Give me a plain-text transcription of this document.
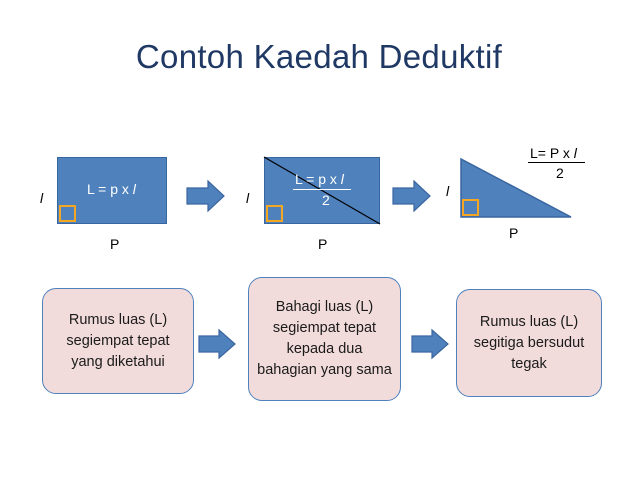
Contoh Kaedah Deduktif
L = p x l
l
P
L = p x l
2
l
P
L= P x l
2
l
P
Rumus luas (L) segiempat tepat yang diketahui
Bahagi luas (L) segiempat tepat kepada dua bahagian yang sama
Rumus luas (L) segitiga bersudut tegak
